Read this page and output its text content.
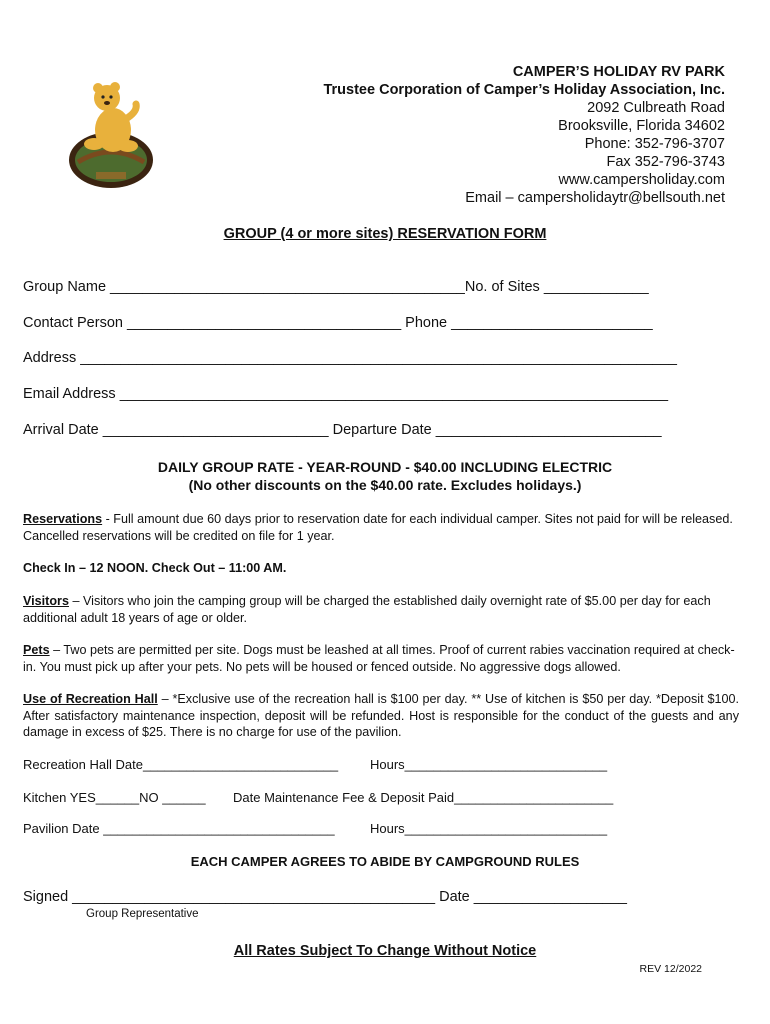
CAMPER’S HOLIDAY RV PARK
Trustee Corporation of Camper’s Holiday Association, Inc.
2092 Culbreath Road
Brooksville, Florida 34602
Phone: 352-796-3707
Fax 352-796-3743
www.campersholiday.com
Email – campersholidaytr@bellsouth.net
GROUP (4 or more sites) RESERVATION FORM
Group Name ____________________________________________No. of Sites _____________
Contact Person __________________________________ Phone _________________________
Address __________________________________________________________________________
Email Address ____________________________________________________________________
Arrival Date ____________________________ Departure Date ____________________________
DAILY GROUP RATE - YEAR-ROUND - $40.00 INCLUDING ELECTRIC
(No other discounts on the $40.00 rate. Excludes holidays.)
Reservations - Full amount due 60 days prior to reservation date for each individual camper. Sites not paid for will be released. Cancelled reservations will be credited on file for 1 year.
Check In – 12 NOON. Check Out – 11:00 AM.
Visitors – Visitors who join the camping group will be charged the established daily overnight rate of $5.00 per day for each additional adult 18 years of age or older.
Pets – Two pets are permitted per site. Dogs must be leashed at all times. Proof of current rabies vaccination required at check-in. You must pick up after your pets. No pets will be housed or fenced outside. No aggressive dogs allowed.
Use of Recreation Hall – *Exclusive use of the recreation hall is $100 per day. ** Use of kitchen is $50 per day. *Deposit $100. After satisfactory maintenance inspection, deposit will be refunded. Host is responsible for the conduct of the guests and any damage in excess of $25. There is no charge for use of the pavilion.
Recreation Hall Date___________________________ Hours____________________________
Kitchen YES______NO ______ Date Maintenance Fee & Deposit Paid______________________
Pavilion Date ________________________________	Hours____________________________
EACH CAMPER AGREES TO ABIDE BY CAMPGROUND RULES
Signed _____________________________________________ Date ___________________
Group Representative
All Rates Subject To Change Without Notice
REV 12/2022
